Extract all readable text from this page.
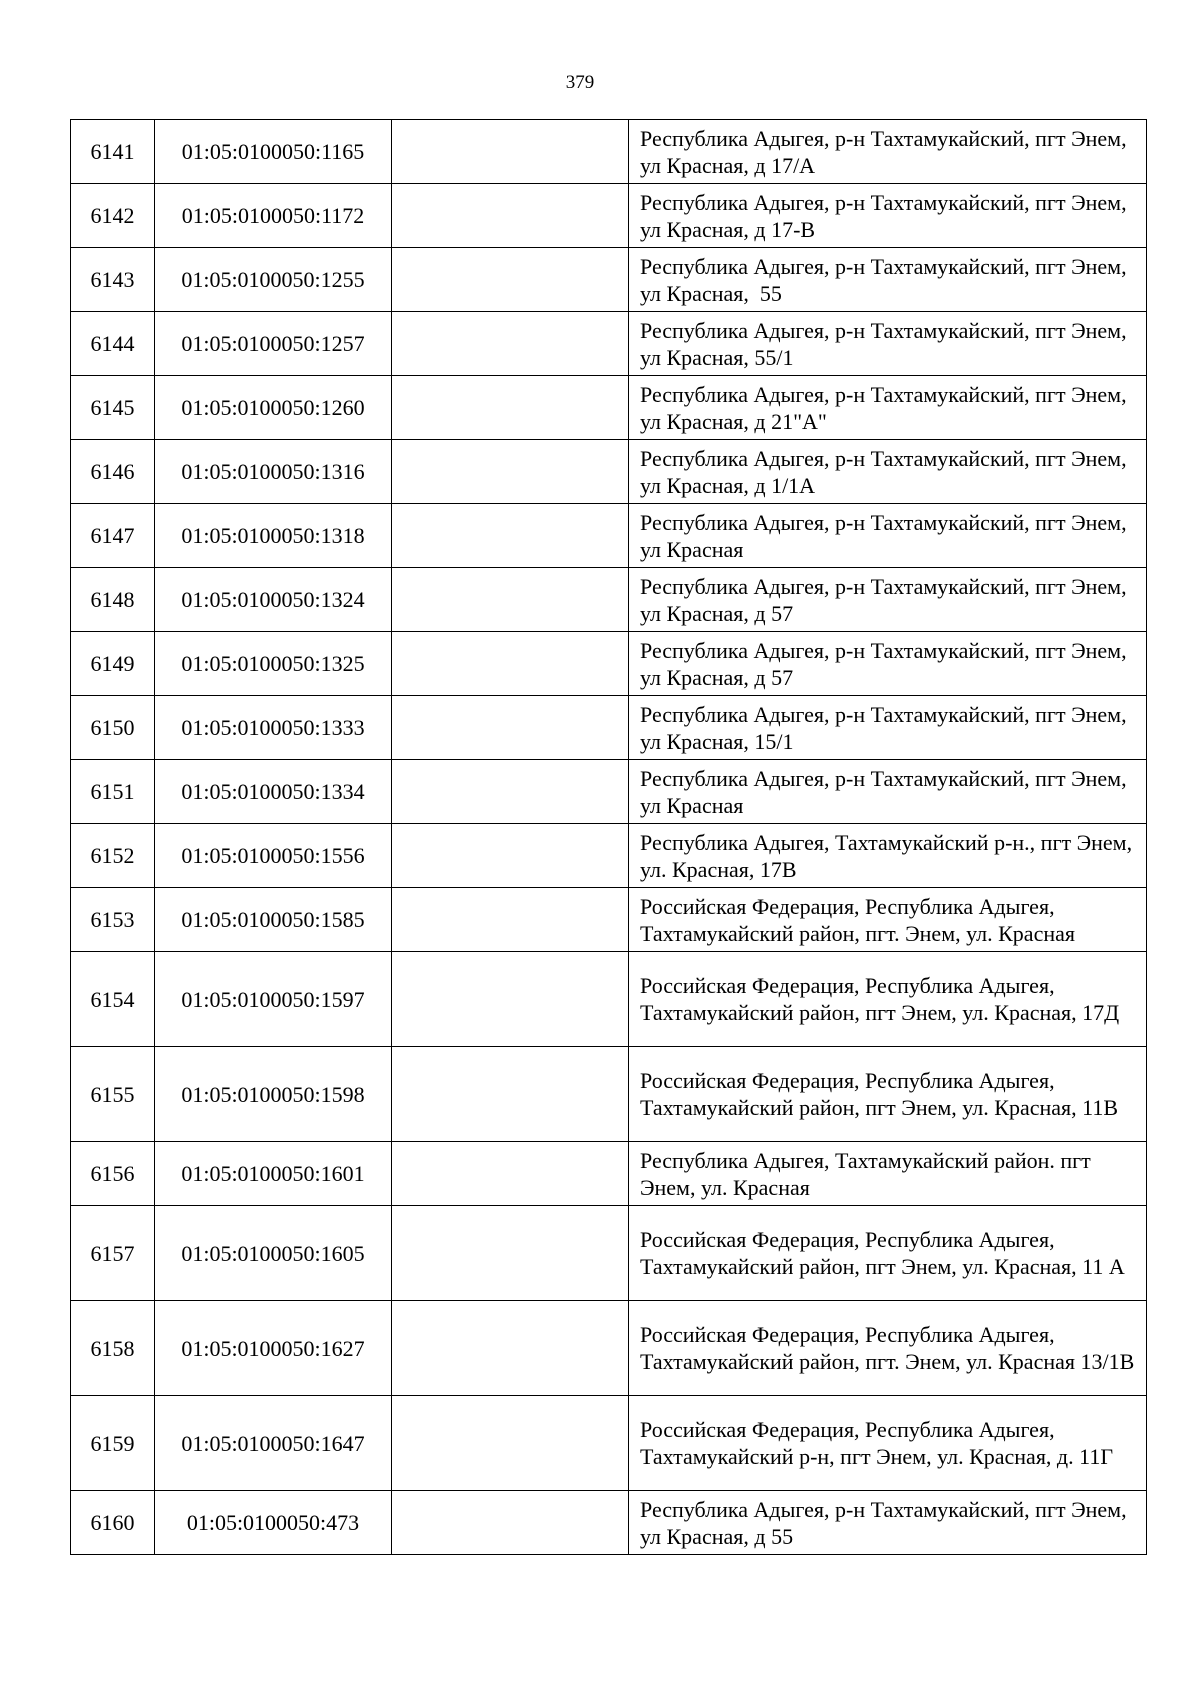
379
6141	01:05:0100050:1165		Республика Адыгея, р-н Тахтамукайский, пгт Энем, ул Красная, д 17/А
6142	01:05:0100050:1172		Республика Адыгея, р-н Тахтамукайский, пгт Энем, ул Красная, д 17-В
6143	01:05:0100050:1255		Республика Адыгея, р-н Тахтамукайский, пгт Энем, ул Красная,  55
6144	01:05:0100050:1257		Республика Адыгея, р-н Тахтамукайский, пгт Энем, ул Красная, 55/1
6145	01:05:0100050:1260		Республика Адыгея, р-н Тахтамукайский, пгт Энем, ул Красная, д 21"А"
6146	01:05:0100050:1316		Республика Адыгея, р-н Тахтамукайский, пгт Энем, ул Красная, д 1/1А
6147	01:05:0100050:1318		Республика Адыгея, р-н Тахтамукайский, пгт Энем, ул Красная
6148	01:05:0100050:1324		Республика Адыгея, р-н Тахтамукайский, пгт Энем, ул Красная, д 57
6149	01:05:0100050:1325		Республика Адыгея, р-н Тахтамукайский, пгт Энем, ул Красная, д 57
6150	01:05:0100050:1333		Республика Адыгея, р-н Тахтамукайский, пгт Энем, ул Красная, 15/1
6151	01:05:0100050:1334		Республика Адыгея, р-н Тахтамукайский, пгт Энем, ул Красная
6152	01:05:0100050:1556		Республика Адыгея, Тахтамукайский р-н., пгт Энем, ул. Красная, 17В
6153	01:05:0100050:1585		Российская Федерация, Республика Адыгея, Тахтамукайский район, пгт. Энем, ул. Красная
6154	01:05:0100050:1597		Российская Федерация, Республика Адыгея, Тахтамукайский район, пгт Энем, ул. Красная, 17Д
6155	01:05:0100050:1598		Российская Федерация, Республика Адыгея, Тахтамукайский район, пгт Энем, ул. Красная, 11В
6156	01:05:0100050:1601		Республика Адыгея, Тахтамукайский район. пгт Энем, ул. Красная
6157	01:05:0100050:1605		Российская Федерация, Республика Адыгея, Тахтамукайский район, пгт Энем, ул. Красная, 11 А
6158	01:05:0100050:1627		Российская Федерация, Республика Адыгея, Тахтамукайский район, пгт. Энем, ул. Красная 13/1В
6159	01:05:0100050:1647		Российская Федерация, Республика Адыгея, Тахтамукайский р-н, пгт Энем, ул. Красная, д. 11Г
6160	01:05:0100050:473		Республика Адыгея, р-н Тахтамукайский, пгт Энем, ул Красная, д 55
